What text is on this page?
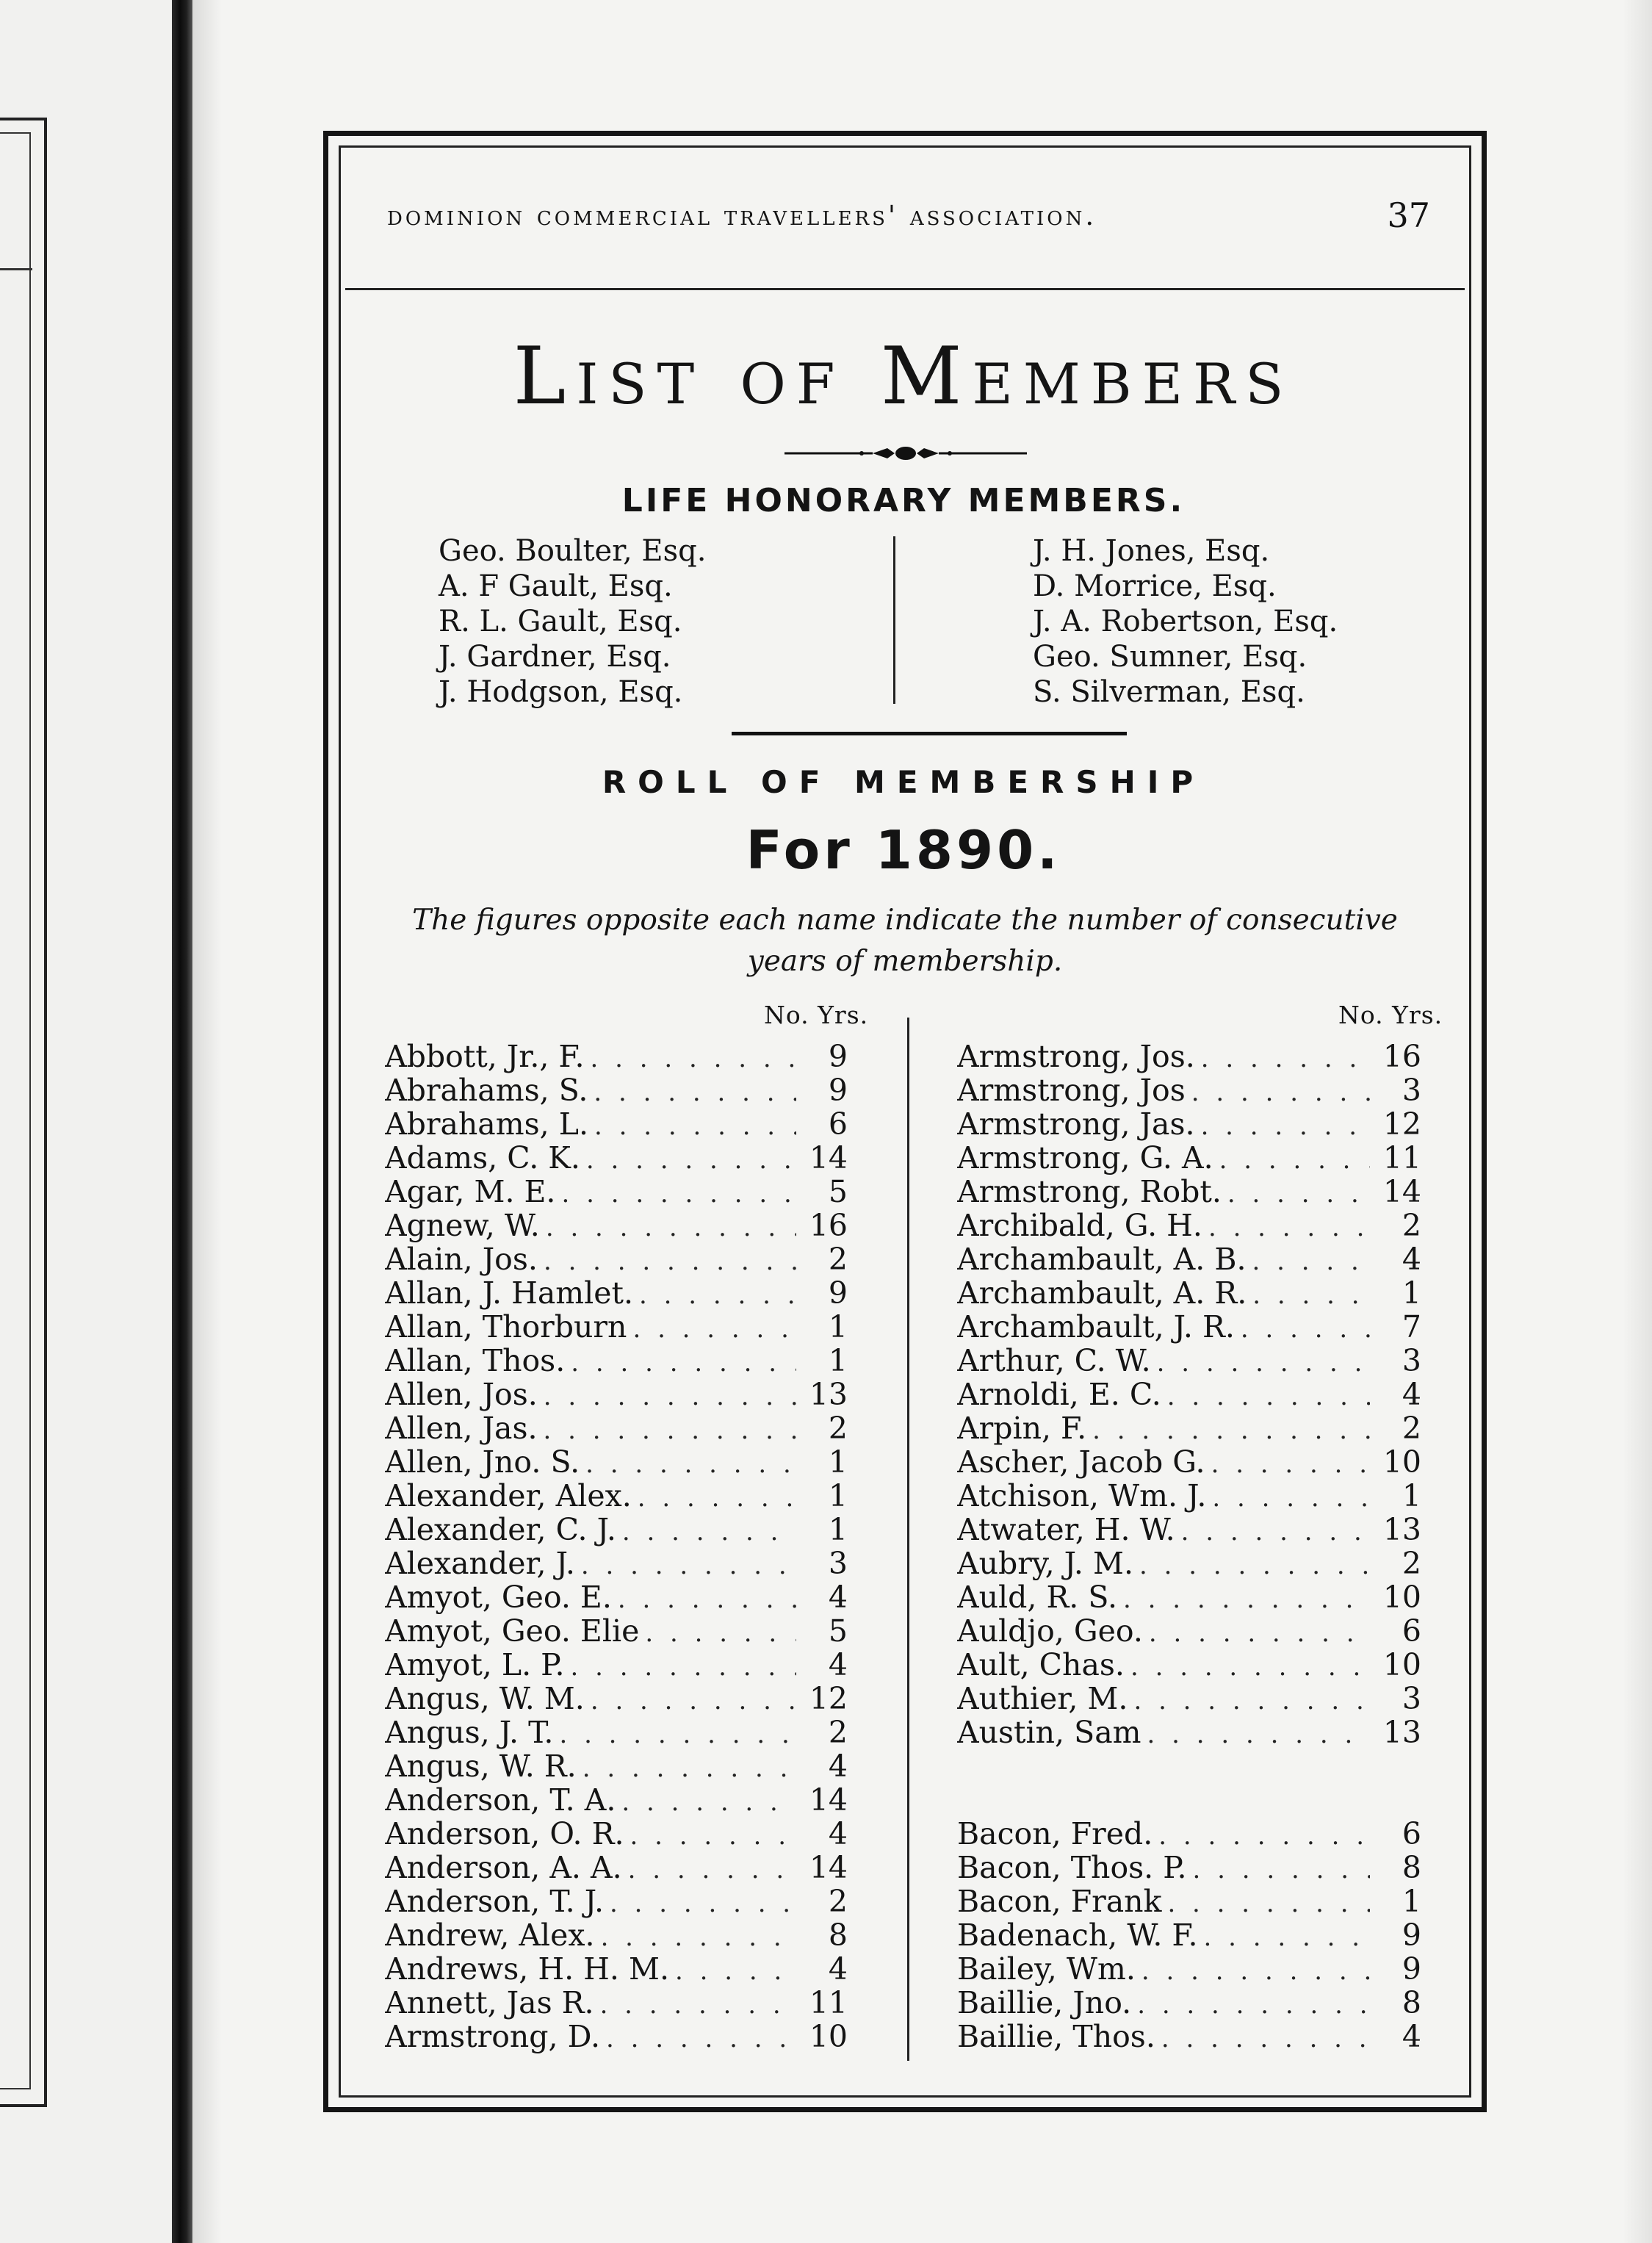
dominion commercial travellers' association.	37
List of Members
LIFE HONORARY MEMBERS.
Geo. Boulter, Esq.
A. F Gault, Esq.
R. L. Gault, Esq.
J. Gardner, Esq.
J. Hodgson, Esq.
J. H. Jones, Esq.
D. Morrice, Esq.
J. A. Robertson, Esq.
Geo. Sumner, Esq.
S. Silverman, Esq.
ROLL OF MEMBERSHIP
For 1890.
The figures opposite each name indicate the number of consecutive
years of membership.
No. Yrs.	No. Yrs.
Abbott, Jr., F. . . .	9
Abrahams, S. . . .	9
Abrahams, L. . . .	6
Adams, C. K. . . .	14
Agar, M. E. . . .	5
Agnew, W. . . .	16
Alain, Jos. . . .	2
Allan, J. Hamlet. . . .	9
Allan, Thorburn . . .	1
Allan, Thos. . . .	1
Allen, Jos. . . .	13
Allen, Jas. . . .	2
Allen, Jno. S. . . .	1
Alexander, Alex. . . .	1
Alexander, C. J. . . .	1
Alexander, J. . . .	3
Amyot, Geo. E. . . .	4
Amyot, Geo. Elie . . .	5
Amyot, L. P. . . .	4
Angus, W. M. . . .	12
Angus, J. T. . . .	2
Angus, W. R. . . .	4
Anderson, T. A. . . .	14
Anderson, O. R. . . .	4
Anderson, A. A. . . .	14
Anderson, T. J. . . .	2
Andrew, Alex. . . .	8
Andrews, H. H. M. . . .	4
Annett, Jas R. . . .	11
Armstrong, D. . . .	10
Armstrong, Jos. . . .	16
Armstrong, Jos . . .	3
Armstrong, Jas. . . .	12
Armstrong, G. A. . . .	11
Armstrong, Robt. . . .	14
Archibald, G. H. . . .	2
Archambault, A. B. . . .	4
Archambault, A. R. . . .	1
Archambault, J. R. . . .	7
Arthur, C. W. . . .	3
Arnoldi, E. C. . . .	4
Arpin, F. . . .	2
Ascher, Jacob G. . . .	10
Atchison, Wm. J. . . .	1
Atwater, H. W. . . .	13
Aubry, J. M. . . .	2
Auld, R. S. . . .	10
Auldjo, Geo. . . .	6
Ault, Chas. . . .	10
Authier, M. . . .	3
Austin, Sam . . .	13
Bacon, Fred. . . .	6
Bacon, Thos. P. . . .	8
Bacon, Frank . . .	1
Badenach, W. F. . . .	9
Bailey, Wm. . . .	9
Baillie, Jno. . . .	8
Baillie, Thos. . . .	4
